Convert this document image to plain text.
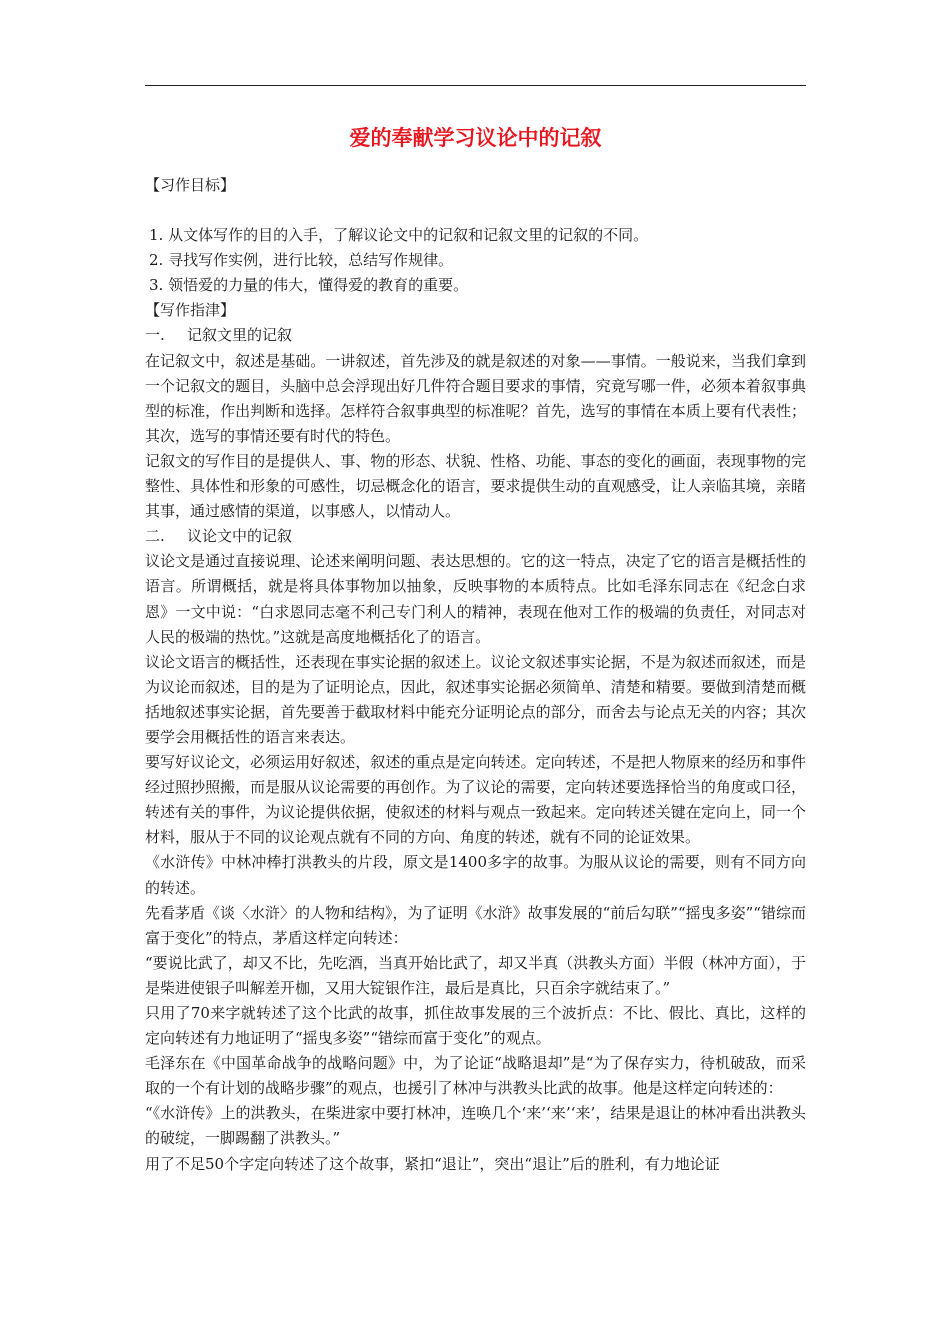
爱的奉献学习议论中的记叙

【习作目标】

1. 从文体写作的目的入手，了解议论文中的记叙和记叙文里的记叙的不同。

2. 寻找写作实例，进行比较，总结写作规律。

3. 领悟爱的力量的伟大，懂得爱的教育的重要。

【写作指津】

一. 记叙文里的记叙

在记叙文中，叙述是基础。一讲叙述，首先涉及的就是叙述的对象——事情。一般说来，当我们拿到一个记叙文的题目，头脑中总会浮现出好几件符合题目要求的事情，究竟写哪一件，必须本着叙事典型的标准，作出判断和选择。怎样符合叙事典型的标准呢？首先，选写的事情在本质上要有代表性；其次，选写的事情还要有时代的特色。

记叙文的写作目的是提供人、事、物的形态、状貌、性格、功能、事态的变化的画面，表现事物的完整性、具体性和形象的可感性，切忌概念化的语言，要求提供生动的直观感受，让人亲临其境，亲睹其事，通过感情的渠道，以事感人，以情动人。

二. 议论文中的记叙

议论文是通过直接说理、论述来阐明问题、表达思想的。它的这一特点，决定了它的语言是概括性的语言。所谓概括，就是将具体事物加以抽象，反映事物的本质特点。比如毛泽东同志在《纪念白求恩》一文中说：“白求恩同志毫不利己专门利人的精神，表现在他对工作的极端的负责任，对同志对人民的极端的热忱。”这就是高度地概括化了的语言。

议论文语言的概括性，还表现在事实论据的叙述上。议论文叙述事实论据，不是为叙述而叙述，而是为议论而叙述，目的是为了证明论点，因此，叙述事实论据必须简单、清楚和精要。要做到清楚而概括地叙述事实论据，首先要善于截取材料中能充分证明论点的部分，而舍去与论点无关的内容；其次要学会用概括性的语言来表达。

要写好议论文，必须运用好叙述，叙述的重点是定向转述。定向转述，不是把人物原来的经历和事件经过照抄照搬，而是服从议论需要的再创作。为了议论的需要，定向转述要选择恰当的角度或口径，转述有关的事件，为议论提供依据，使叙述的材料与观点一致起来。定向转述关键在定向上，同一个材料，服从于不同的议论观点就有不同的方向、角度的转述，就有不同的论证效果。

《水浒传》中林冲棒打洪教头的片段，原文是1400多字的故事。为服从议论的需要，则有不同方向的转述。

先看茅盾《谈〈水浒〉的人物和结构》，为了证明《水浒》故事发展的“前后勾联”“摇曳多姿”“错综而富于变化”的特点，茅盾这样定向转述：

“要说比武了，却又不比，先吃酒，当真开始比武了，却又半真（洪教头方面）半假（林冲方面），于是柴进使银子叫解差开枷，又用大锭银作注，最后是真比，只百余字就结束了。”

只用了70来字就转述了这个比武的故事，抓住故事发展的三个波折点：不比、假比、真比，这样的定向转述有力地证明了“摇曳多姿”“错综而富于变化”的观点。

毛泽东在《中国革命战争的战略问题》中，为了论证“战略退却”是“为了保存实力，待机破敌，而采取的一个有计划的战略步骤”的观点，也援引了林冲与洪教头比武的故事。他是这样定向转述的：

“《水浒传》上的洪教头，在柴进家中要打林冲，连唤几个‘来’‘来’‘来’，结果是退让的林冲看出洪教头的破绽，一脚踢翻了洪教头。”

用了不足50个字定向转述了这个故事，紧扣“退让”，突出“退让”后的胜利，有力地论证
